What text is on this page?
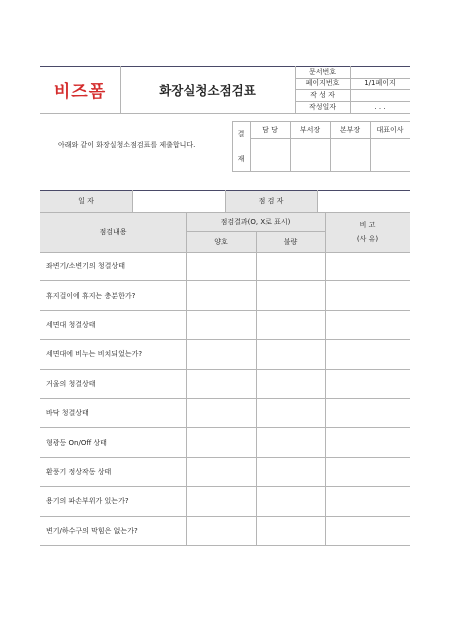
비즈폼	화장실청소점검표
문서번호
페이지번호	1/1페이지
작 성 자
작성일자	. . .
아래와 같이 화장실청소점검표를 제출합니다.
결
재
담 당	부서장	본부장	대표이사
일 자	점 검 자
점검내용
점검결과(O, X로 표시)
양호	불량
비 고
(사 유)
좌변기/소변기의 청결상태
휴지걸이에 휴지는 충분한가?
세면대 청결상태
세면대에 비누는 비치되었는가?
거울의 청결상태
바닥 청결상태
형광등 On/Off 상태
환풍기 정상작동 상태
용기의 파손부위가 있는가?
변기/하수구의 막힘은 없는가?
